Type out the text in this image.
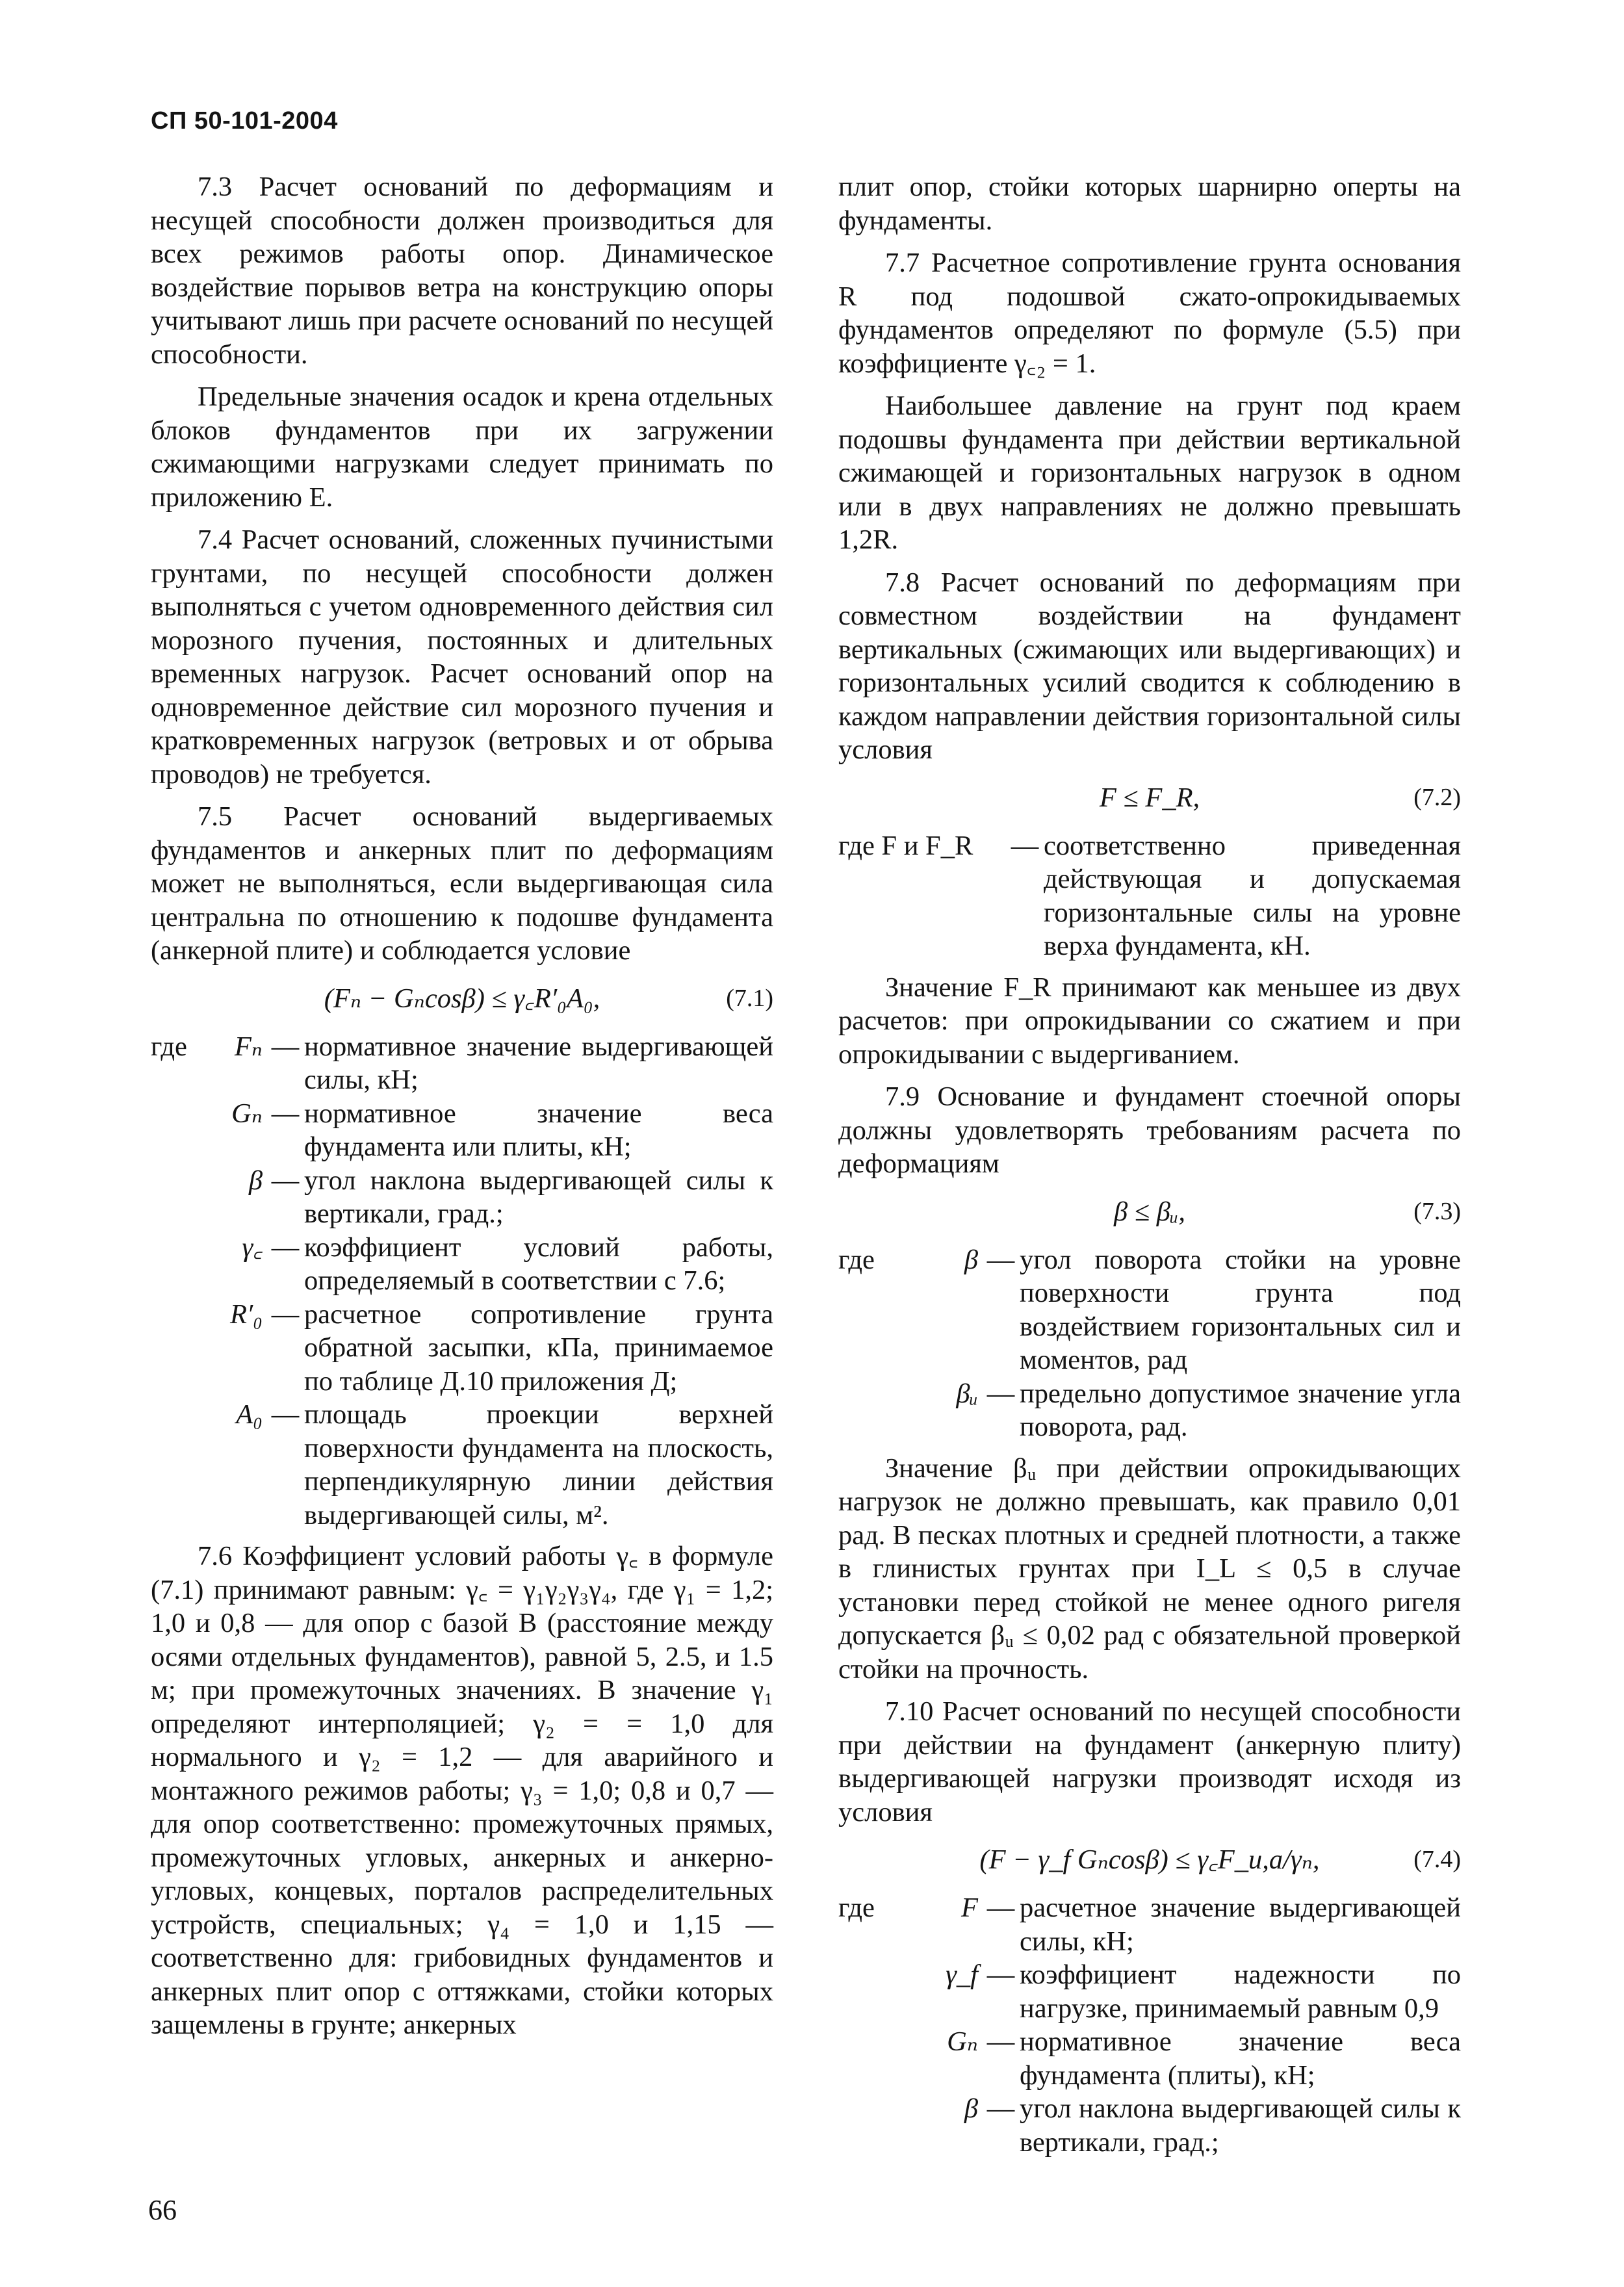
СП 50-101-2004

7.3 Расчет оснований по деформациям и несущей способности должен производиться для всех режимов работы опор. Динамическое воздействие порывов ветра на конструкцию опоры учитывают лишь при расчете оснований по несущей способности.

Предельные значения осадок и крена отдельных блоков фундаментов при их загружении сжимающими нагрузками следует принимать по приложению Е.

7.4 Расчет оснований, сложенных пучинистыми грунтами, по несущей способности должен выполняться с учетом одновременного действия сил морозного пучения, постоянных и длительных временных нагрузок. Расчет оснований опор на одновременное действие сил морозного пучения и кратковременных нагрузок (ветровых и от обрыва проводов) не требуется.

7.5 Расчет оснований выдергиваемых фундаментов и анкерных плит по деформациям может не выполняться, если выдергивающая сила центральна по отношению к подошве фундамента (анкерной плите) и соблюдается условие

(Fₙ − Gₙcosβ) ≤ γ꜀R′₀A₀,	(7.1)
где	Fₙ	—	нормативное значение выдергивающей силы, кН;
	Gₙ	—	нормативное значение веса фундамента или плиты, кН;
	β	—	угол наклона выдергивающей силы к вертикали, град.;
	γ꜀	—	коэффициент условий работы, определяемый в соответствии с 7.6;
	R′₀	—	расчетное сопротивление грунта обратной засыпки, кПа, принимаемое по таблице Д.10 приложения Д;
	A₀	—	площадь проекции верхней поверхности фундамента на плоскость, перпендикулярную линии действия выдергивающей силы, м².

7.6 Коэффициент условий работы γ꜀ в формуле (7.1) принимают равным: γ꜀ = γ₁γ₂γ₃γ₄, где γ₁ = 1,2; 1,0 и 0,8 — для опор с базой В (расстояние между осями отдельных фундаментов), равной 5, 2.5, и 1.5 м; при промежуточных значениях. В значение γ₁ определяют интерполяцией; γ₂ = = 1,0 для нормального и γ₂ = 1,2 — для аварийного и монтажного режимов работы; γ₃ = 1,0; 0,8 и 0,7 — для опор соответственно: промежуточных прямых, промежуточных угловых, анкерных и анкерно-угловых, концевых, порталов распределительных устройств, специальных; γ₄ = 1,0 и 1,15 — соответственно для: грибовидных фундаментов и анкерных плит опор с оттяжками, стойки которых защемлены в грунте; анкерных

плит опор, стойки которых шарнирно оперты на фундаменты.

7.7 Расчетное сопротивление грунта основания R под подошвой сжато-опрокидываемых фундаментов определяют по формуле (5.5) при коэффициенте γ꜀₂ = 1.

Наибольшее давление на грунт под краем подошвы фундамента при действии вертикальной сжимающей и горизонтальных нагрузок в одном или в двух направлениях не должно превышать 1,2R.

7.8 Расчет оснований по деформациям при совместном воздействии на фундамент вертикальных (сжимающих или выдергивающих) и горизонтальных усилий сводится к соблюдению в каждом направлении действия горизонтальной силы условия

F ≤ F_R,	(7.2)
где F и F_R	—	соответственно приведенная действующая и допускаемая горизонтальные силы на уровне верха фундамента, кН.

Значение F_R принимают как меньшее из двух расчетов: при опрокидывании со сжатием и при опрокидывании с выдергиванием.

7.9 Основание и фундамент стоечной опоры должны удовлетворять требованиям расчета по деформациям

β ≤ βᵤ,	(7.3)
где	β	—	угол поворота стойки на уровне поверхности грунта под воздействием горизонтальных сил и моментов, рад
	βᵤ	—	предельно допустимое значение угла поворота, рад.

Значение βᵤ при действии опрокидывающих нагрузок не должно превышать, как правило 0,01 рад. В песках плотных и средней плотности, а также в глинистых грунтах при I_L ≤ 0,5 в случае установки перед стойкой не менее одного ригеля допускается βᵤ ≤ 0,02 рад с обязательной проверкой стойки на прочность.

7.10 Расчет оснований по несущей способности при действии на фундамент (анкерную плиту) выдергивающей нагрузки производят исходя из условия

(F − γ_f Gₙcosβ) ≤ γ꜀F_u,a/γₙ,	(7.4)
где	F	—	расчетное значение выдергивающей силы, кН;
	γ_f	—	коэффициент надежности по нагрузке, принимаемый равным 0,9
	Gₙ	—	нормативное значение веса фундамента (плиты), кН;
	β	—	угол наклона выдергивающей силы к вертикали, град.;
66
